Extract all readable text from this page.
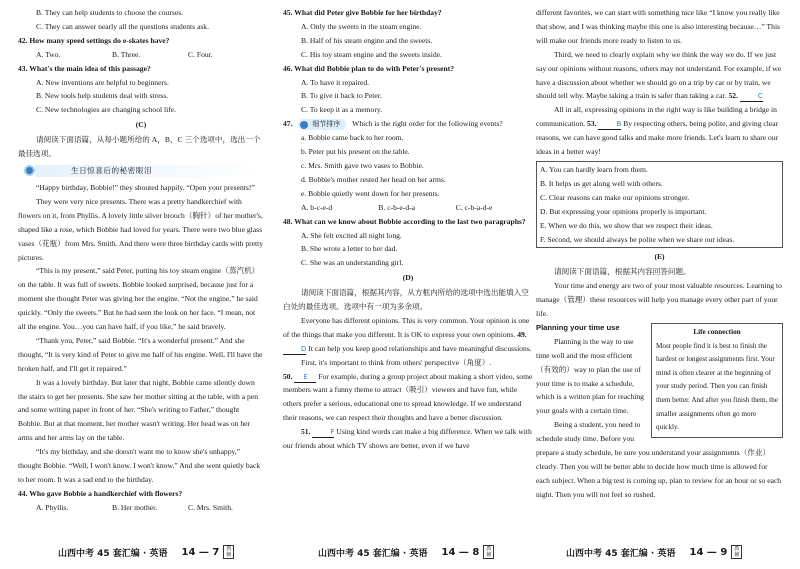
B. They can help students to choose the courses.

C. They can answer nearly all the questions students ask.

42. How many speed settings do e-skates have?

A. Two.	B. Three.	C. Four.

43. What's the main idea of this passage?

A. New inventions are helpful to beginners.

B. New tools help students deal with stress.

C. New technologies are changing school life.

(C)

请阅读下面语篇，从每小题所给的 A，B，C 三个选项中，选出一个最佳选项。

生日惊喜后的秘密眼泪

“Happy birthday, Bobbie!” they shouted happily. “Open your presents!”

They were very nice presents. There was a pretty handkerchief with flowers on it, from Phyllis. A lovely little silver brooch（胸针）of her mother's, shaped like a rose, which Bobbie had loved for years. There were two blue glass vases（花瓶）from Mrs. Smith. And there were three birthday cards with pretty pictures.

“This is my present,” said Peter, putting his toy steam engine（蒸汽机）on the table. It was full of sweets. Bobbie looked surprised, because just for a moment she thought Peter was giving her the engine. “Not the engine,” he said quickly. “Only the sweets.” But he had seen the look on her face. “I mean, not all the engine. You…you can have half, if you like,” he said bravely.

“Thank you, Peter,” said Bobbie. “It's a wonderful present.” And she thought, “It is very kind of Peter to give me half of his engine. Well, I'll have the broken half, and I'll get it repaired.”

It was a lovely birthday. But later that night, Bobbie came silently down the stairs to get her presents. She saw her mother sitting at the table, with a pen and some writing paper in front of her. “She's writing to Father,” thought Bobbie. But at that moment, her mother wasn't writing. Her head was on her arms and her arms lay on the table.

“It's my birthday, and she doesn't want me to know she's unhappy,” thought Bobbie. “Well, I won't know. I won't know.” And she went quietly back to her room. It was a sad end to the birthday.

44. Who gave Bobbie a handkerchief with flowers?

A. Phyllis.	B. Her mother.	C. Mrs. Smith.
山西中考 45 套汇编 · 英语 14 — 7	教
辅

45. What did Peter give Bobbie for her birthday?

A. Only the sweets in the steam engine.

B. Half of his steam engine and the sweets.

C. His toy steam engine and the sweets inside.

46. What did Bobbie plan to do with Peter's present?

A. To have it repaired.

B. To give it back to Peter.

C. To keep it as a memory.

47.	细节排序 Which is the right order for the following events?

a. Bobbie came back to her room.

b. Peter put his present on the table.

c. Mrs. Smith gave two vases to Bobbie.

d. Bobbie's mother rested her head on her arms.

e. Bobbie quietly went down for her presents.

A. b-c-e-d	B. c-b-e-d-a	C. c-b-a-d-e

48. What can we know about Bobbie according to the last two paragraphs?

A. She felt excited all night long.

B. She wrote a letter to her dad.

C. She was an understanding girl.

(D)

请阅读下面语篇，根据其内容，从方框内所给的选项中选出能填入空白处的最佳选项。选项中有一项为多余项。

Everyone has different opinions. This is very common. Your opinion is one of the things that make you different. It is OK to express your own opinions. 49. D It can help you keep good relationships and have meaningful discussions.

First, it's important to think from others' perspective（角度）.

50. E For example, during a group project about making a short video, some members want a funny theme to attract（吸引）viewers and have fun, while others prefer a serious, educational one to spread knowledge. If we understand their reasons, we can respect their thoughts and have a better discussion.

51.	F Using kind words can make a big difference. When we talk with our friends about which TV shows are better, even if we have

山西中考 45 套汇编 · 英语 14 — 8	教
辅

different favorites, we can start with something nice like “I know you really like that show, and I was thinking maybe this one is also interesting because…” This will make our friends more ready to listen to us.

Third, we need to clearly explain why we think the way we do. If we just say our opinions without reasons, others may not understand. For example, if we have a discussion about whether we should go on a trip by car or by train, we should tell why. Maybe taking a train is safer than taking a car. 52.	C

All in all, expressing opinions in the right way is like building a bridge in communication. 53.	B By respecting others, being polite, and giving clear reasons, we can have good talks and make more friends. Let's learn to share our ideas in a better way!

A. You can hardly learn from them.

B. It helps us get along well with others.

C. Clear reasons can make our opinions stronger.

D. But expressing your opinions properly is important.

E. When we do this, we show that we respect their ideas.

F. Second, we should always be polite when we share our ideas.

(E)

请阅读下面语篇，根据其内容回答问题。

Your time and energy are two of your most valuable resources. Learning to manage（管理）these resources will help you manage every other part of your life.

Life connection
Most people find it is best to finish the hardest or longest assignments first. Your mind is often clearer at the beginning of your study period. Then you can finish them better. And after you finish them, the smaller assignments often go more quickly.

Planning your time use

Planning is the way to use time well and the most efficient（有效的）way to plan the use of your time is to make a schedule, which is a written plan for reaching your goals with a certain time.

Being a student, you need to schedule study time. Before you prepare a study schedule, be sure you understand your assignments（作业）clearly. Then you will be better able to decide how much time is allowed for each subject. When a big test is coming up, plan to review for an hour or so each night. Then you will not feel so rushed.

山西中考 45 套汇编 · 英语 14 — 9	教
辅
